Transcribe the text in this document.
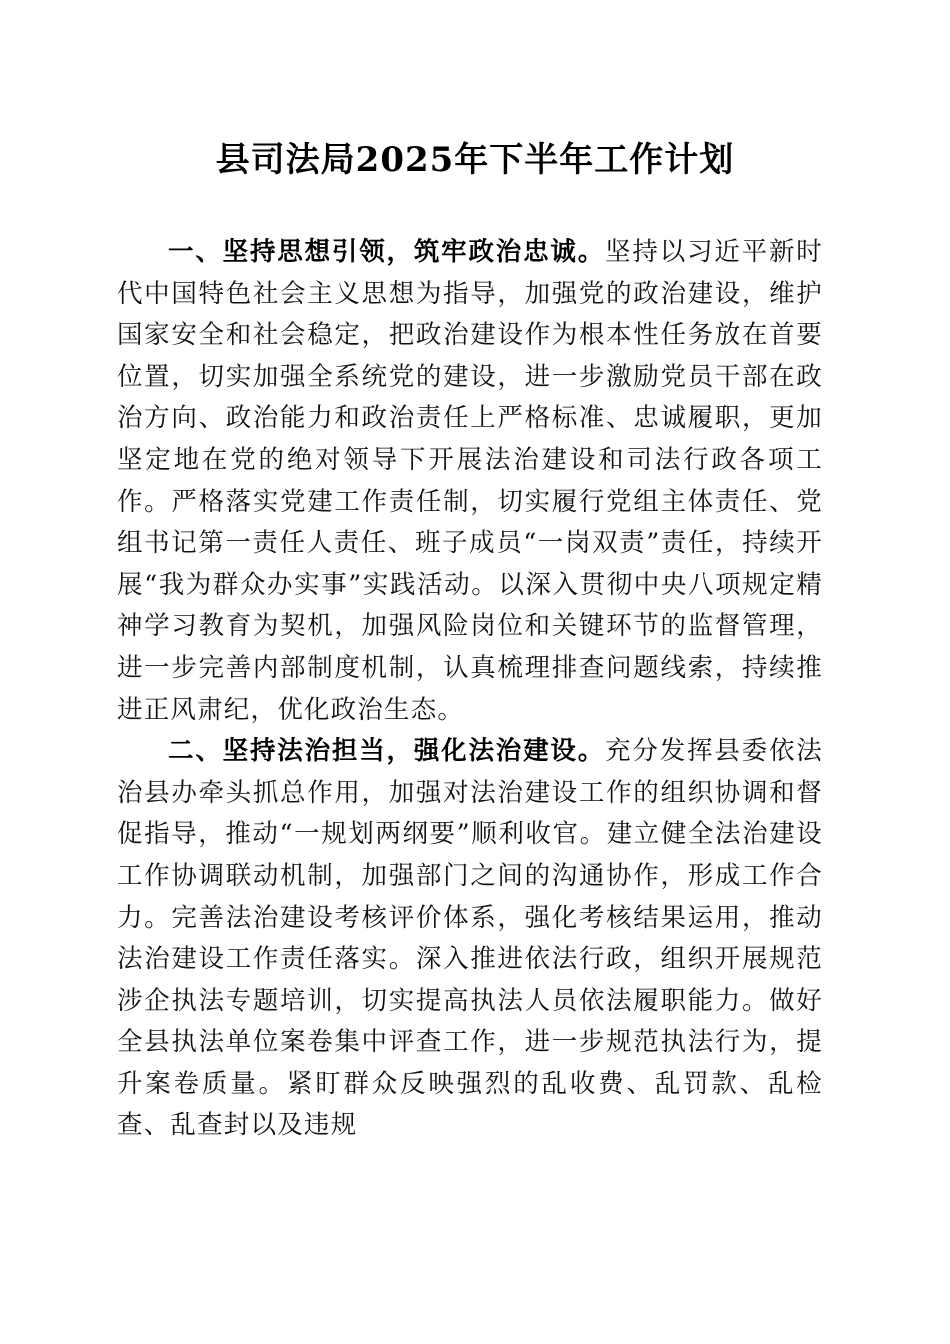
县司法局2025年下半年工作计划

一、坚持思想引领，筑牢政治忠诚。坚持以习近平新时代中国特色社会主义思想为指导，加强党的政治建设，维护国家安全和社会稳定，把政治建设作为根本性任务放在首要位置，切实加强全系统党的建设，进一步激励党员干部在政治方向、政治能力和政治责任上严格标准、忠诚履职，更加坚定地在党的绝对领导下开展法治建设和司法行政各项工作。严格落实党建工作责任制，切实履行党组主体责任、党组书记第一责任人责任、班子成员“一岗双责”责任，持续开展“我为群众办实事”实践活动。以深入贯彻中央八项规定精神学习教育为契机，加强风险岗位和关键环节的监督管理，进一步完善内部制度机制，认真梳理排查问题线索，持续推进正风肃纪，优化政治生态。

二、坚持法治担当，强化法治建设。充分发挥县委依法治县办牵头抓总作用，加强对法治建设工作的组织协调和督促指导，推动“一规划两纲要”顺利收官。建立健全法治建设工作协调联动机制，加强部门之间的沟通协作，形成工作合力。完善法治建设考核评价体系，强化考核结果运用，推动法治建设工作责任落实。深入推进依法行政，组织开展规范涉企执法专题培训，切实提高执法人员依法履职能力。做好全县执法单位案卷集中评查工作，进一步规范执法行为，提升案卷质量。紧盯群众反映强烈的乱收费、乱罚款、乱检查、乱查封以及违规
